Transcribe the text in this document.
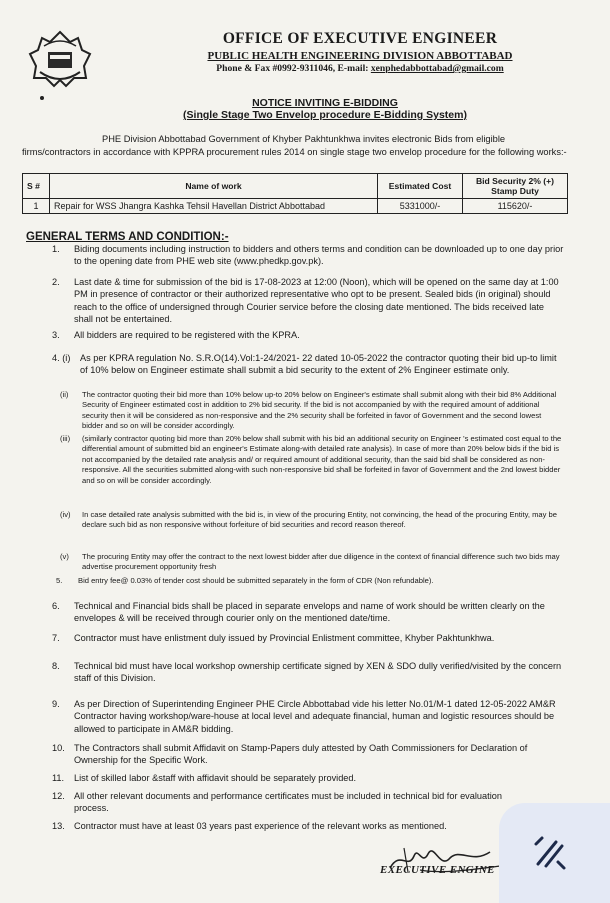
OFFICE OF EXECUTIVE ENGINEER
PUBLIC HEALTH ENGINEERING DIVISION ABBOTTABAD
Phone & Fax #0992-9311046, E-mail: xenphedabbottabad@gmail.com
NOTICE INVITING E-BIDDING
(Single Stage Two Envelop procedure E-Bidding System)
PHE Division Abbottabad Government of Khyber Pakhtunkhwa invites electronic Bids from eligible firms/contractors in accordance with KPPRA procurement rules 2014 on single stage two envelop procedure for the following works:-
S #	Name of work	Estimated Cost	Bid Security 2% (+) Stamp Duty
1	Repair for WSS Jhangra Kashka Tehsil Havellan District Abbottabad	5331000/-	115620/-
GENERAL TERMS AND CONDITION:-
1. Biding documents including instruction to bidders and others terms and condition can be downloaded up to one day prior to the opening date from PHE web site (www.phedkp.gov.pk).
2. Last date & time for submission of the bid is 17-08-2023 at 12:00 (Noon), which will be opened on the same day at 1:00 PM in presence of contractor or their authorized representative who opt to be present. Sealed bids (in original) should reach to the office of undersigned through Courier service before the closing date mentioned. The bids received late shall not be entertained.
3. All bidders are required to be registered with the KPRA.
4. (i) As per KPRA regulation No. S.R.O(14).Vol:1-24/2021- 22 dated 10-05-2022 the contractor quoting their bid up-to limit of 10% below on Engineer estimate shall submit a bid security to the extent of 2% Engineer estimate only.
(ii) The contractor quoting their bid more than 10% below up-to 20% below on Engineer's estimate shall submit along with their bid 8% Additional Security of Engineer estimated cost in addition to 2% bid security. If the bid is not accompanied by with the required amount of additional security then it will be considered as non-responsive and the 2% security shall be forfeited in favor of Government and the second lowest bidder and so on will be consider accordingly.
(iii) (similarly contractor quoting bid more than 20% below shall submit with his bid an additional security on Engineer 's estimated cost equal to the differential amount of submitted bid an engineer's Estimate along-with detailed rate analysis). In case of more than 20% below bids if the bid is not accompanied by the detailed rate analysis and/ or required amount of additional security, than the said bid shall be considered as non-responsive. All the securities submitted along-with such non-responsive bid shall be forfeited in favor of Government and the 2nd lowest bidder and so on will be consider accordingly.
(iv) In case detailed rate analysis submitted with the bid is, in view of the procuring Entity, not convincing, the head of the procuring Entity, may be declare such bid as non responsive without forfeiture of bid securities and record reason thereof.
(v) The procuring Entity may offer the contract to the next lowest bidder after due diligence in the context of financial difference such two bids may advertise procurement opportunity fresh
5. Bid entry fee@ 0.03% of tender cost should be submitted separately in the form of CDR (Non refundable).
6. Technical and Financial bids shall be placed in separate envelops and name of work should be written clearly on the envelopes & will be received through courier only on the mentioned date/time.
7. Contractor must have enlistment duly issued by Provincial Enlistment committee, Khyber Pakhtunkhwa.
8. Technical bid must have local workshop ownership certificate signed by XEN & SDO dully verified/visited by the concern staff of this Division.
9. As per Direction of Superintending Engineer PHE Circle Abbottabad vide his letter No.01/M-1 dated 12-05-2022 AM&R Contractor having workshop/ware-house at local level and adequate financial, human and logistic resources should be allowed to participate in AM&R bidding.
10. The Contractors shall submit Affidavit on Stamp-Papers duly attested by Oath Commissioners for Declaration of Ownership for the Specific Work.
11. List of skilled labor &staff with affidavit should be separately provided.
12. All other relevant documents and performance certificates must be included in technical bid for evaluation process.
13. Contractor must have at least 03 years past experience of the relevant works as mentioned.
EXECUTIVE ENGINE
